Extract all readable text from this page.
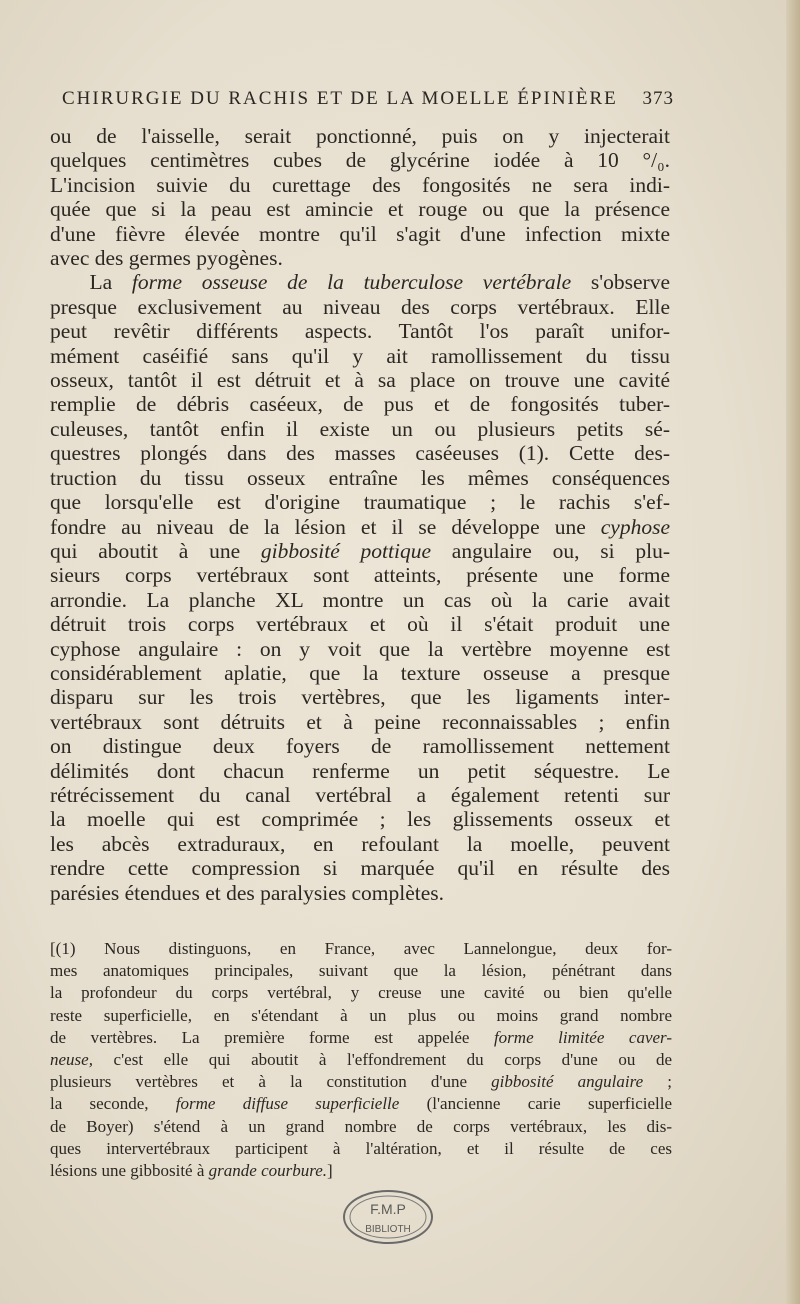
CHIRURGIE DU RACHIS ET DE LA MOELLE ÉPINIÈRE 373
ou de l'aisselle, serait ponctionné, puis on y injecterait
quelques centimètres cubes de glycérine iodée à 10 °/₀.
L'incision suivie du curettage des fongosités ne sera indi-
quée que si la peau est amincie et rouge ou que la présence
d'une fièvre élevée montre qu'il s'agit d'une infection mixte
avec des germes pyogènes.
La forme osseuse de la tuberculose vertébrale s'observe
presque exclusivement au niveau des corps vertébraux. Elle
peut revêtir différents aspects. Tantôt l'os paraît unifor-
mément caséifié sans qu'il y ait ramollissement du tissu
osseux, tantôt il est détruit et à sa place on trouve une cavité
remplie de débris caséeux, de pus et de fongosités tuber-
culeuses, tantôt enfin il existe un ou plusieurs petits sé-
questres plongés dans des masses caséeuses (1). Cette des-
truction du tissu osseux entraîne les mêmes conséquences
que lorsqu'elle est d'origine traumatique ; le rachis s'ef-
fondre au niveau de la lésion et il se développe une cyphose
qui aboutit à une gibbosité pottique angulaire ou, si plu-
sieurs corps vertébraux sont atteints, présente une forme
arrondie. La planche XL montre un cas où la carie avait
détruit trois corps vertébraux et où il s'était produit une
cyphose angulaire : on y voit que la vertèbre moyenne est
considérablement aplatie, que la texture osseuse a presque
disparu sur les trois vertèbres, que les ligaments inter-
vertébraux sont détruits et à peine reconnaissables ; enfin
on distingue deux foyers de ramollissement nettement
délimités dont chacun renferme un petit séquestre. Le
rétrécissement du canal vertébral a également retenti sur
la moelle qui est comprimée ; les glissements osseux et
les abcès extraduraux, en refoulant la moelle, peuvent
rendre cette compression si marquée qu'il en résulte des
parésies étendues et des paralysies complètes.
[(1) Nous distinguons, en France, avec Lannelongue, deux for-
mes anatomiques principales, suivant que la lésion, pénétrant dans
la profondeur du corps vertébral, y creuse une cavité ou bien qu'elle
reste superficielle, en s'étendant à un plus ou moins grand nombre
de vertèbres. La première forme est appelée forme limitée caver-
neuse, c'est elle qui aboutit à l'effondrement du corps d'une ou de
plusieurs vertèbres et à la constitution d'une gibbosité angulaire ;
la seconde, forme diffuse superficielle (l'ancienne carie superficielle
de Boyer) s'étend à un grand nombre de corps vertébraux, les dis-
ques intervertébraux participent à l'altération, et il résulte de ces
lésions une gibbosité à grande courbure.]
F.M.P
BIBLIOTH
